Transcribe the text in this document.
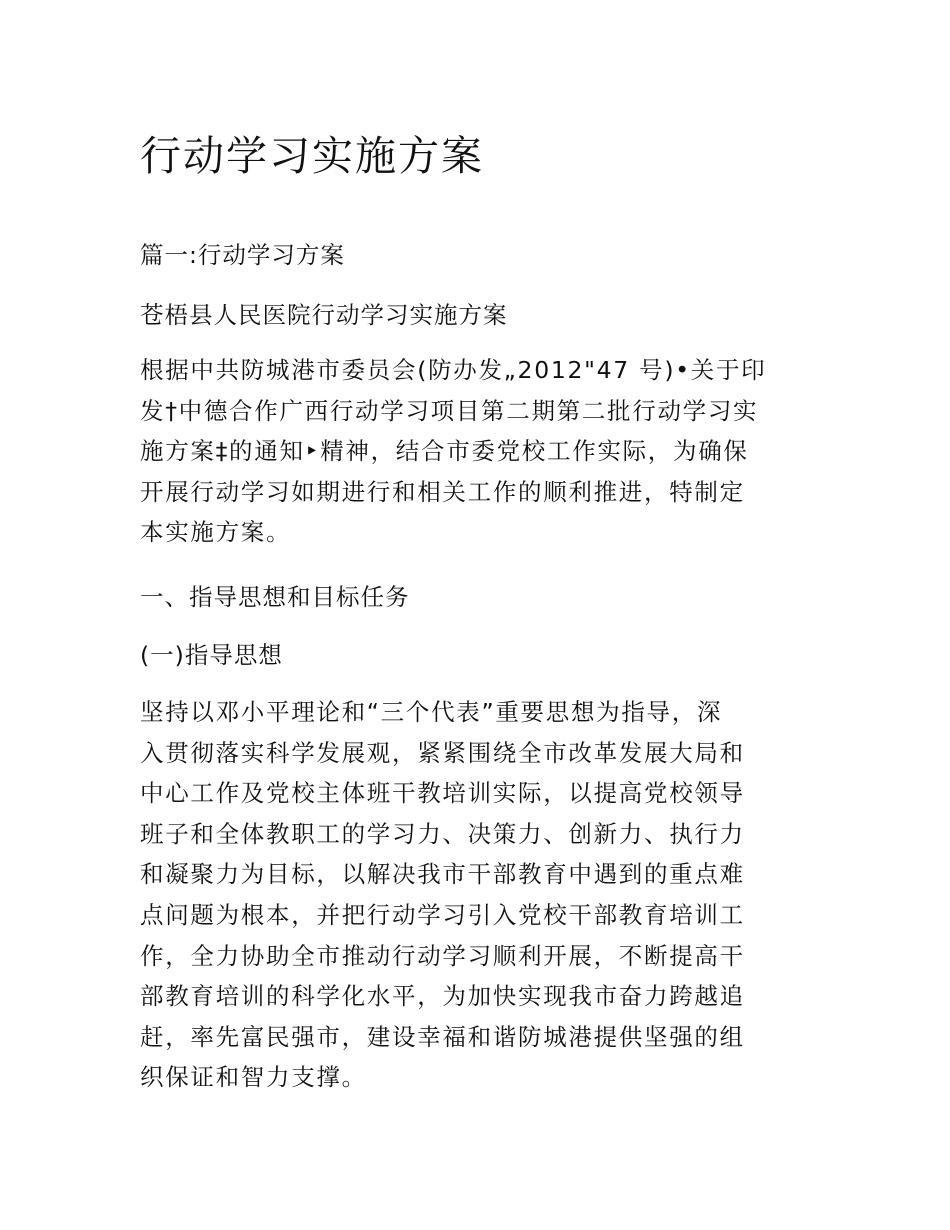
行动学习实施方案
篇一:行动学习方案
苍梧县人民医院行动学习实施方案
根据中共防城港市委员会(防办发„2012"47 号)•关于印
发†中德合作广西行动学习项目第二期第二批行动学习实
施方案‡的通知‣精神，结合市委党校工作实际，为确保
开展行动学习如期进行和相关工作的顺利推进，特制定
本实施方案。
一、指导思想和目标任务
(一)指导思想
坚持以邓小平理论和“三个代表”重要思想为指导，深
入贯彻落实科学发展观，紧紧围绕全市改革发展大局和
中心工作及党校主体班干教培训实际，以提高党校领导
班子和全体教职工的学习力、决策力、创新力、执行力
和凝聚力为目标，以解决我市干部教育中遇到的重点难
点问题为根本，并把行动学习引入党校干部教育培训工
作，全力协助全市推动行动学习顺利开展，不断提高干
部教育培训的科学化水平，为加快实现我市奋力跨越追
赶，率先富民强市，建设幸福和谐防城港提供坚强的组
织保证和智力支撑。
